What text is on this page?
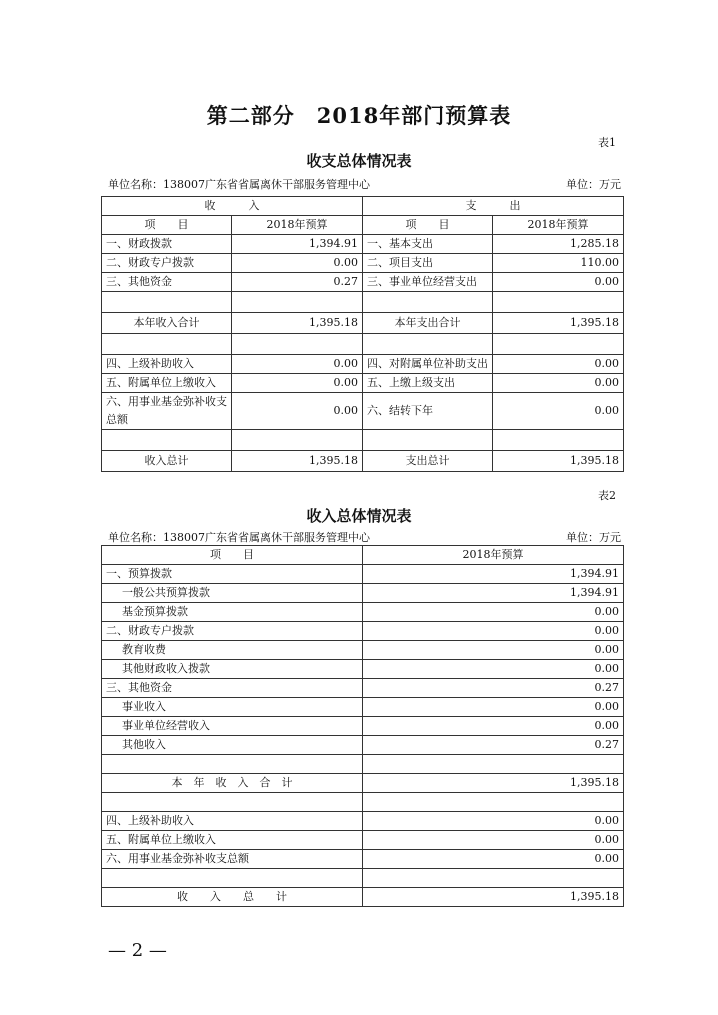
第二部分　2018年部门预算表
表1
收支总体情况表
单位名称：138007广东省省属离休干部服务管理中心	单位：万元
收　　　入		支　　　出	
项　　目	2018年预算	项　　目	2018年预算
一、财政拨款	1,394.91	一、基本支出	1,285.18
二、财政专户拨款	0.00	二、项目支出	110.00
三、其他资金	0.27	三、事业单位经营支出	0.00

本年收入合计	1,395.18	本年支出合计	1,395.18

四、上级补助收入	0.00	四、对附属单位补助支出	0.00
五、附属单位上缴收入	0.00	五、上缴上级支出	0.00
六、用事业基金弥补收支总额	0.00	六、结转下年	0.00

收入总计	1,395.18	支出总计	1,395.18
表2
收入总体情况表
单位名称：138007广东省省属离休干部服务管理中心	单位：万元
项　　目	2018年预算
一、预算拨款	1,394.91
一般公共预算拨款	1,394.91
基金预算拨款	0.00
二、财政专户拨款	0.00
教育收费	0.00
其他财政收入拨款	0.00
三、其他资金	0.27
事业收入	0.00
事业单位经营收入	0.00
其他收入	0.27

本　年　收　入　合　计	1,395.18

四、上级补助收入	0.00
五、附属单位上缴收入	0.00
六、用事业基金弥补收支总额	0.00

收　　入　　总　　计	1,395.18
— 2 —
